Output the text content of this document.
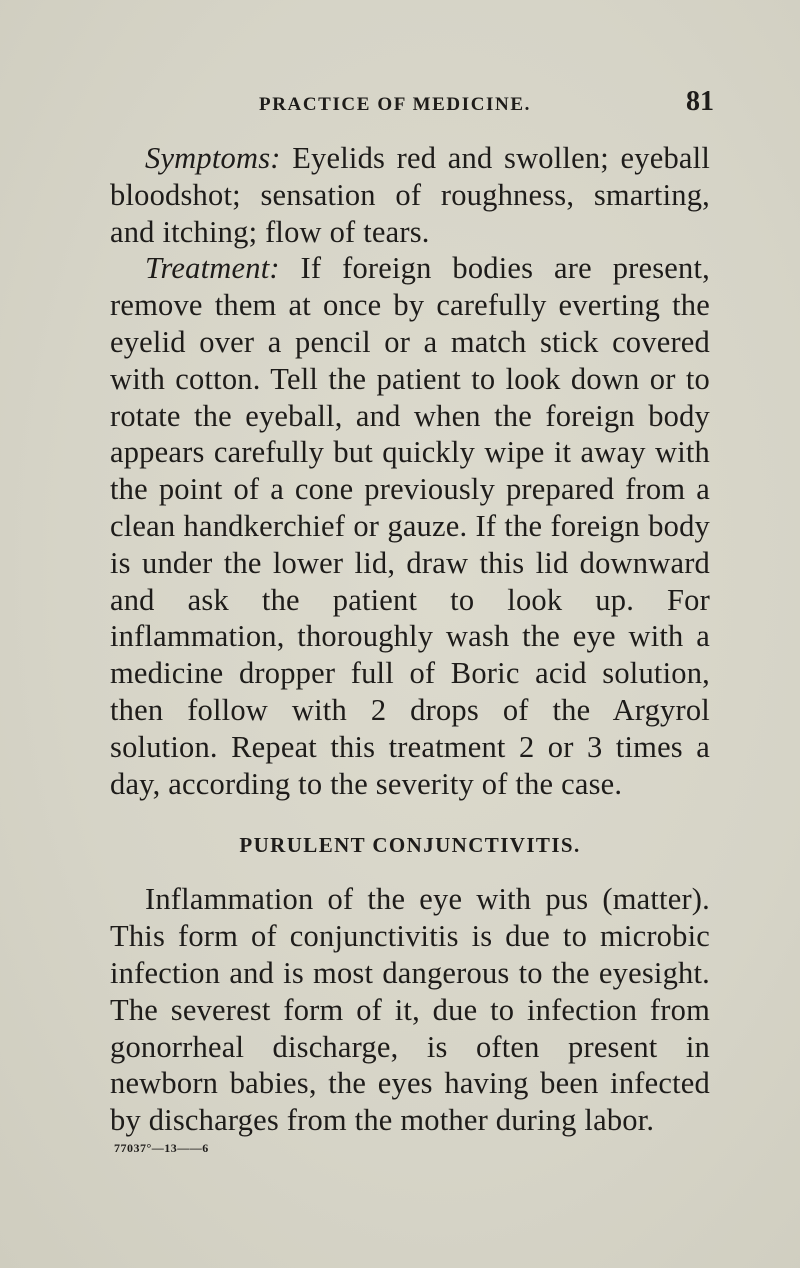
PRACTICE OF MEDICINE.	81

Symptoms: Eyelids red and swollen; eyeball bloodshot; sensation of roughness, smarting, and itching; flow of tears.

Treatment: If foreign bodies are present, remove them at once by carefully everting the eyelid over a pencil or a match stick covered with cotton. Tell the patient to look down or to rotate the eyeball, and when the foreign body appears carefully but quickly wipe it away with the point of a cone previously prepared from a clean handkerchief or gauze. If the foreign body is under the lower lid, draw this lid downward and ask the patient to look up. For inflammation, thoroughly wash the eye with a medicine dropper full of Boric acid solution, then follow with 2 drops of the Argyrol solution. Repeat this treatment 2 or 3 times a day, according to the severity of the case.

PURULENT CONJUNCTIVITIS.

Inflammation of the eye with pus (matter). This form of conjunctivitis is due to microbic infection and is most dangerous to the eyesight. The severest form of it, due to infection from gonorrheal discharge, is often present in newborn babies, the eyes having been infected by discharges from the mother during labor.

77037°—13——6
